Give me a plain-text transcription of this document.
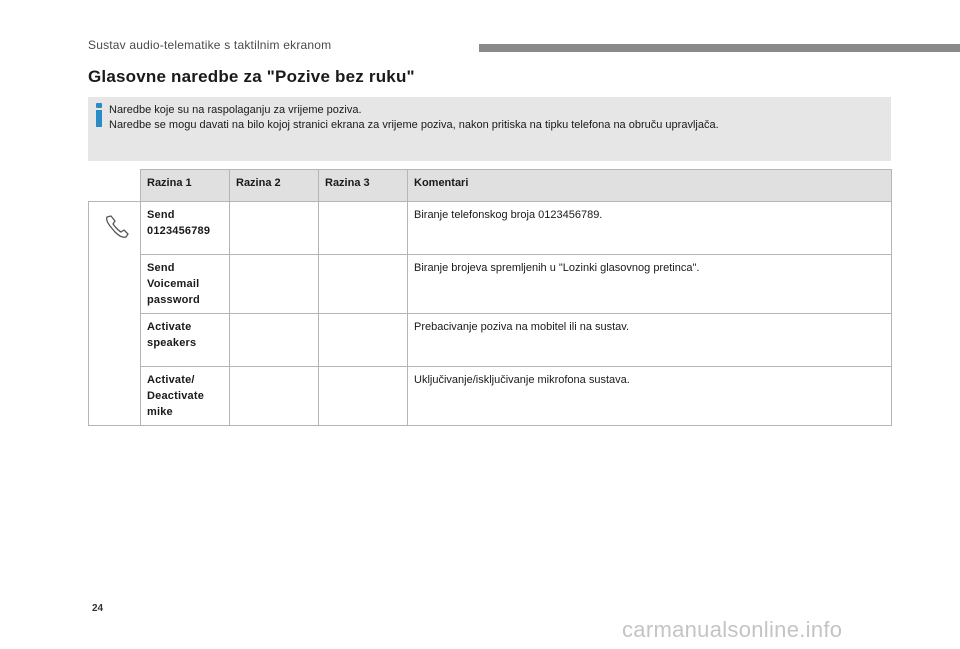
Sustav audio-telematike s taktilnim ekranom
Glasovne naredbe za "Pozive bez ruku"
Naredbe koje su na raspolaganju za vrijeme poziva.
Naredbe se mogu davati na bilo kojoj stranici ekrana za vrijeme poziva, nakon pritiska na tipku telefona na obruču upravljača.
	Razina 1	Razina 2	Razina 3	Komentari

	Send
0123456789			Biranje telefonskog broja 0123456789.
	Send
Voicemail
password			Biranje brojeva spremljenih u "Lozinki glasovnog pretinca".
	Activate
speakers			Prebacivanje poziva na mobitel ili na sustav.
	Activate/
Deactivate
mike			Uključivanje/isključivanje mikrofona sustava.
24
carmanualsonline.info
